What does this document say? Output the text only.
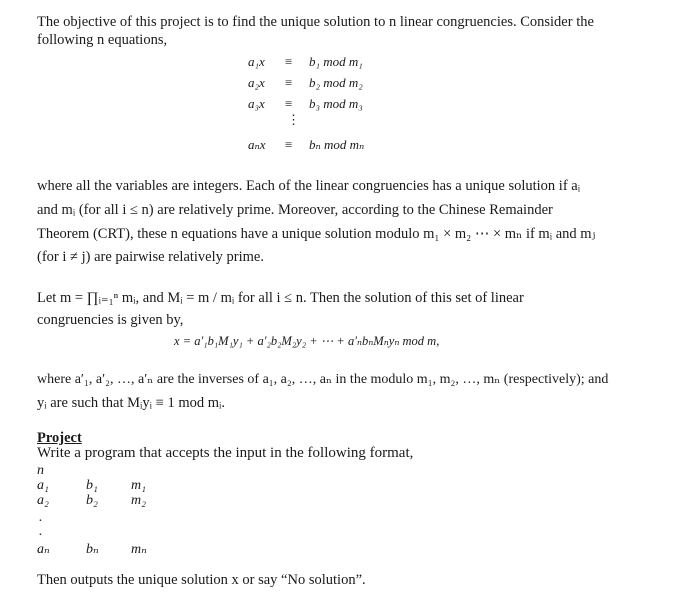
The objective of this project is to find the unique solution to n linear congruencies. Consider the
following n equations,
a₁x ≡ b₁ mod m₁
a₂x ≡ b₂ mod m₂
a₃x ≡ b₃ mod m₃
⋮
aₙx ≡ bₙ mod mₙ
where all the variables are integers. Each of the linear congruencies has a unique solution if aᵢ
and mᵢ (for all i ≤ n) are relatively prime. Moreover, according to the Chinese Remainder
Theorem (CRT), these n equations have a unique solution modulo m₁ × m₂ ⋯ × mₙ if mᵢ and mⱼ
(for i ≠ j) are pairwise relatively prime.
Let m = ∏ᵢ₌₁ⁿ mᵢ, and Mᵢ = m / mᵢ for all i ≤ n. Then the solution of this set of linear
congruencies is given by,
x = a′₁b₁M₁y₁ + a′₂b₂M₂y₂ + ⋯ + a′ₙbₙMₙyₙ mod m,
where a′₁, a′₂, …, a′ₙ are the inverses of a₁, a₂, …, aₙ in the modulo m₁, m₂, …, mₙ (respectively); and
yᵢ are such that Mᵢyᵢ ≡ 1 mod mᵢ.
Project
Write a program that accepts the input in the following format,
n
a₁	b₁ m₁
a₂	b₂ m₂
.
.
aₙ	bₙ mₙ
Then outputs the unique solution x or say “No solution”.
